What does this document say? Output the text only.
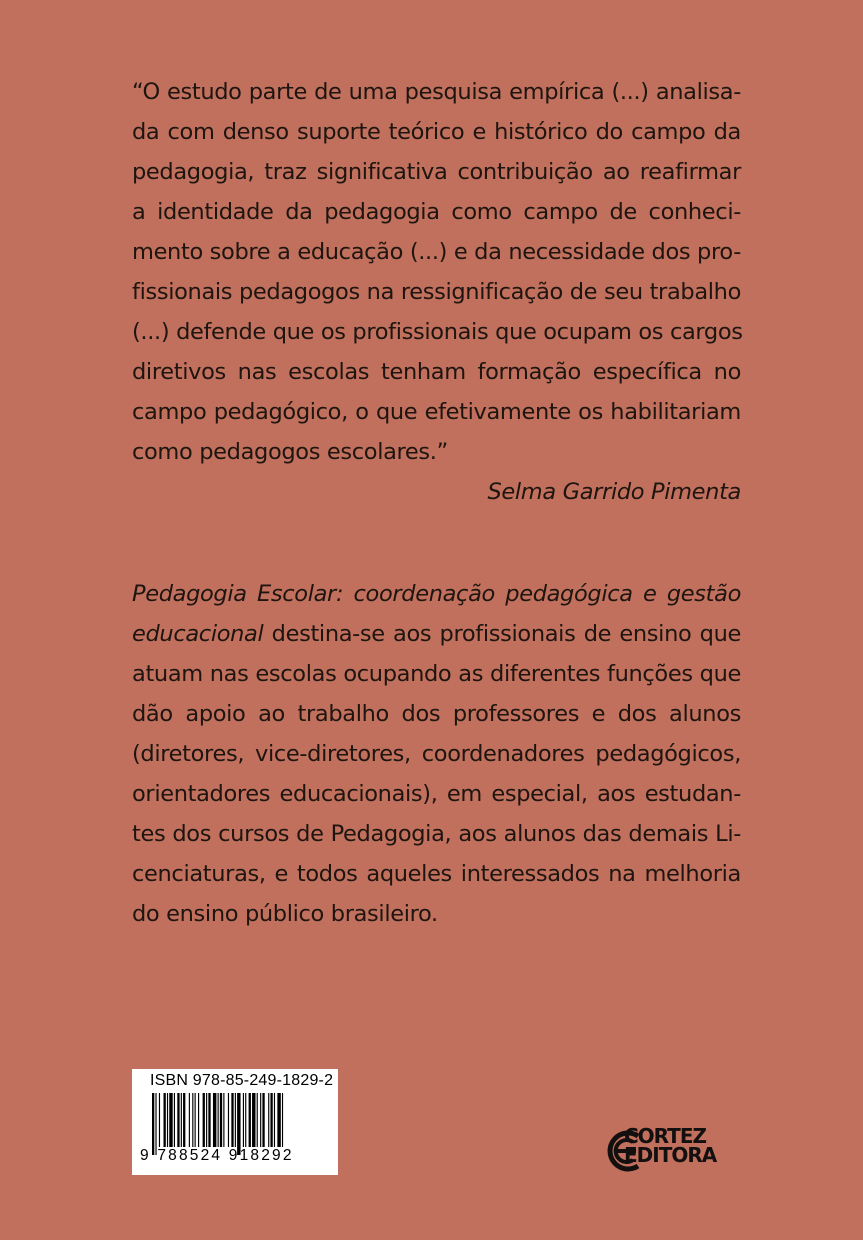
“O estudo parte de uma pesquisa empírica (...) analisa-
da com denso suporte teórico e histórico do campo da
pedagogia, traz significativa contribuição ao reafirmar
a identidade da pedagogia como campo de conheci-
mento sobre a educação (...) e da necessidade dos pro-
fissionais pedagogos na ressignificação de seu trabalho
(...) defende que os profissionais que ocupam os cargos
diretivos nas escolas tenham formação específica no
campo pedagógico, o que efetivamente os habilitariam
como pedagogos escolares.”
Selma Garrido Pimenta
Pedagogia Escolar: coordenação pedagógica e gestão
educacional destina-se aos profissionais de ensino que
atuam nas escolas ocupando as diferentes funções que
dão apoio ao trabalho dos professores e dos alunos
(diretores, vice-diretores, coordenadores pedagógicos,
orientadores educacionais), em especial, aos estudan-
tes dos cursos de Pedagogia, aos alunos das demais Li-
cenciaturas, e todos aqueles interessados na melhoria
do ensino público brasileiro.
ISBN 978-85-249-1829-2
9 788524 918292
CORTEZ
EDITORA
